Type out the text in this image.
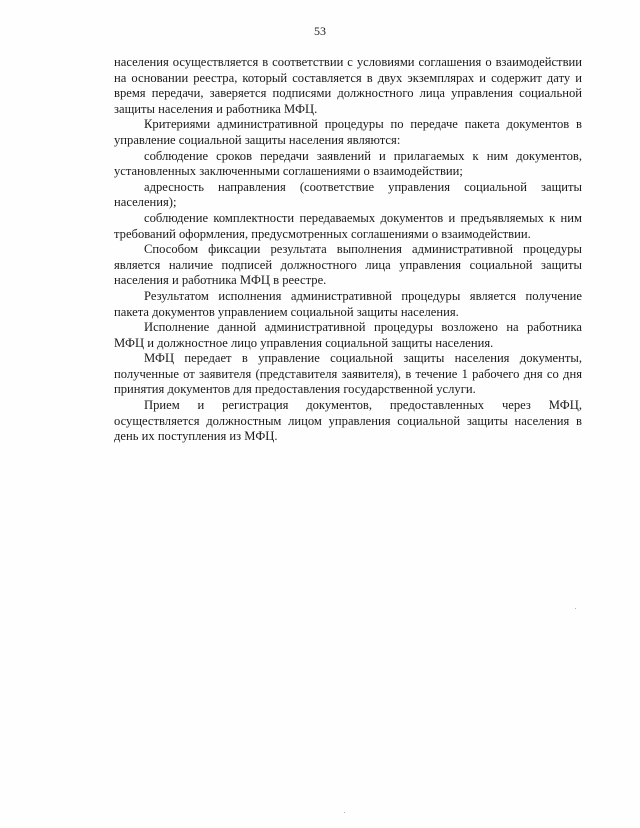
53

населения осуществляется в соответствии с условиями соглашения о взаимодействии на основании реестра, который составляется в двух экземплярах и содержит дату и время передачи, заверяется подписями должностного лица управления социальной защиты населения и работника МФЦ.

Критериями административной процедуры по передаче пакета документов в управление социальной защиты населения являются:

соблюдение сроков передачи заявлений и прилагаемых к ним документов, установленных заключенными соглашениями о взаимодействии;

адресность направления (соответствие управления социальной защиты населения);

соблюдение комплектности передаваемых документов и предъявляемых к ним требований оформления, предусмотренных соглашениями о взаимодействии.

Способом фиксации результата выполнения административной процедуры является наличие подписей должностного лица управления социальной защиты населения и работника МФЦ в реестре.

Результатом исполнения административной процедуры является получение пакета документов управлением социальной защиты населения.

Исполнение данной административной процедуры возложено на работника МФЦ и должностное лицо управления социальной защиты населения.

МФЦ передает в управление социальной защиты населения документы, полученные от заявителя (представителя заявителя), в течение 1 рабочего дня со дня принятия документов для предоставления государственной услуги.

Прием и регистрация документов, предоставленных через МФЦ, осуществляется должностным лицом управления социальной защиты населения в день их поступления из МФЦ.
